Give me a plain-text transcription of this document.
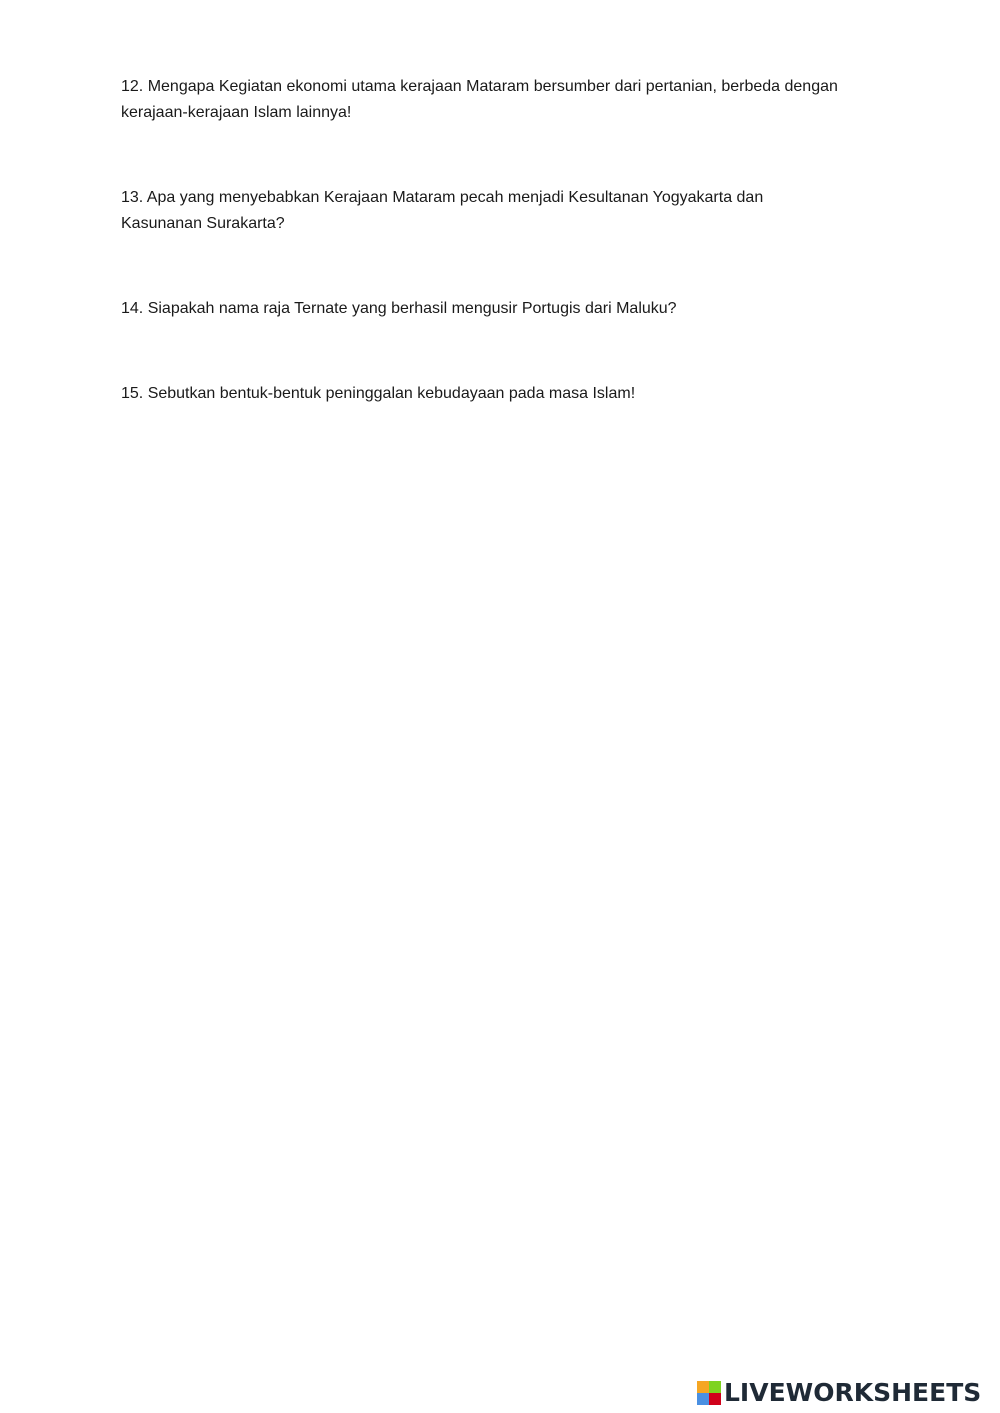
12. Mengapa Kegiatan ekonomi utama kerajaan Mataram bersumber dari pertanian, berbeda dengan kerajaan-kerajaan Islam lainnya!

13. Apa yang menyebabkan Kerajaan Mataram pecah menjadi Kesultanan Yogyakarta dan Kasunanan Surakarta?

14. Siapakah nama raja Ternate yang berhasil mengusir Portugis dari Maluku?

15. Sebutkan bentuk-bentuk peninggalan kebudayaan pada masa Islam!

LIVEWORKSHEETS
